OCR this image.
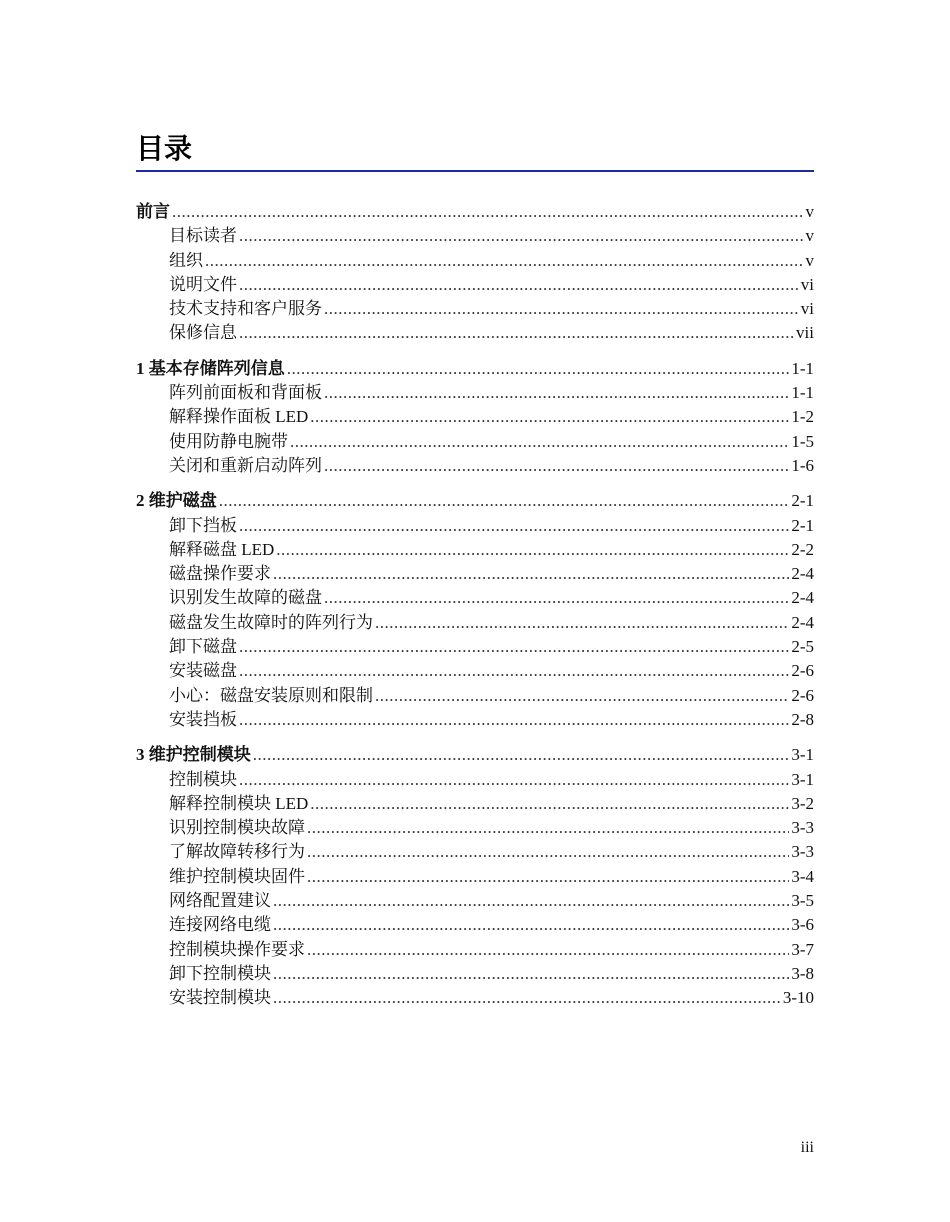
目录
前言 .....	v
目标读者 .....	v
组织 .....	v
说明文件 .....	vi
技术支持和客户服务 .....	vi
保修信息 .....	vii
1 基本存储阵列信息 .....	1-1
阵列前面板和背面板 .....	1-1
解释操作面板 LED .....	1-2
使用防静电腕带 .....	1-5
关闭和重新启动阵列 .....	1-6
2 维护磁盘 .....	2-1
卸下挡板 .....	2-1
解释磁盘 LED .....	2-2
磁盘操作要求 .....	2-4
识别发生故障的磁盘 .....	2-4
磁盘发生故障时的阵列行为 .....	2-4
卸下磁盘 .....	2-5
安装磁盘 .....	2-6
小心：磁盘安装原则和限制 .....	2-6
安装挡板 .....	2-8
3 维护控制模块 .....	3-1
控制模块 .....	3-1
解释控制模块 LED .....	3-2
识别控制模块故障 .....	3-3
了解故障转移行为 .....	3-3
维护控制模块固件 .....	3-4
网络配置建议 .....	3-5
连接网络电缆 .....	3-6
控制模块操作要求 .....	3-7
卸下控制模块 .....	3-8
安装控制模块 .....	3-10
iii
